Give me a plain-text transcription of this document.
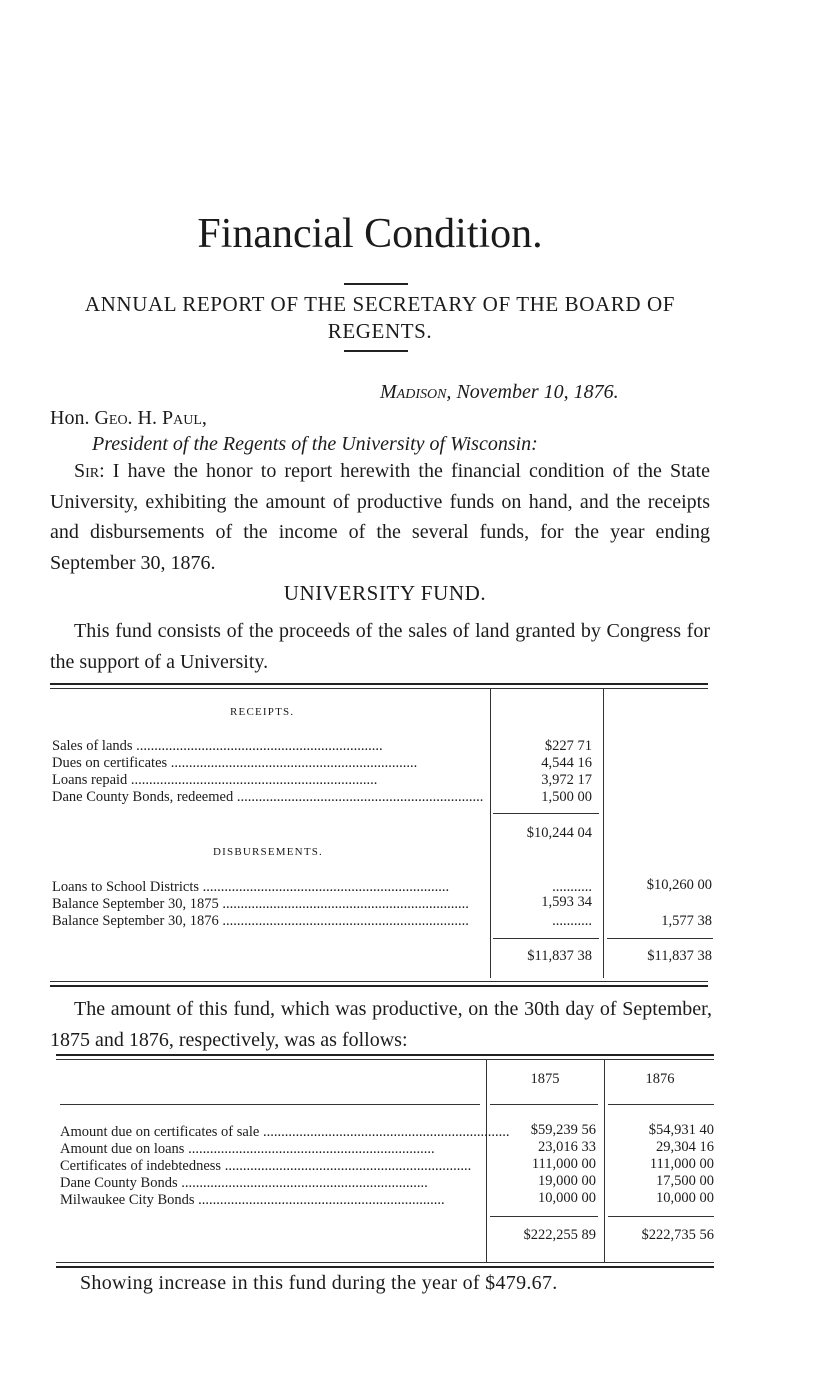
Financial Condition.
ANNUAL REPORT OF THE SECRETARY OF THE BOARD OF REGENTS.
Madison, November 10, 1876.
Hon. Geo. H. Paul,
President of the Regents of the University of Wisconsin:

Sir: I have the honor to report herewith the financial condition of the State University, exhibiting the amount of productive funds on hand, and the receipts and disbursements of the income of the several funds, for the year ending September 30, 1876.

UNIVERSITY FUND.

This fund consists of the proceeds of the sales of land granted by Congress for the support of a University.

RECEIPTS.
Sales of lands ....................................................................	$227 71
Dues on certificates ....................................................................	4,544 16
Loans repaid ....................................................................	3,972 17
Dane County Bonds, redeemed ....................................................................	1,500 00
$10,244 04
DISBURSEMENTS.
Loans to School Districts ....................................................................	...........	$10,260 00
Balance September 30, 1875 ....................................................................	1,593 34
Balance September 30, 1876 ....................................................................	...........	1,577 38
$11,837 38	$11,837 38

The amount of this fund, which was productive, on the 30th day of September, 1875 and 1876, respectively, was as follows:

1875	1876
Amount due on certificates of sale ....................................................................	$59,239 56	$54,931 40
Amount due on loans ....................................................................	23,016 33	29,304 16
Certificates of indebtedness ....................................................................	111,000 00	111,000 00
Dane County Bonds ....................................................................	19,000 00	17,500 00
Milwaukee City Bonds ....................................................................	10,000 00	10,000 00
$222,255 89	$222,735 56
Showing increase in this fund during the year of $479.67.
